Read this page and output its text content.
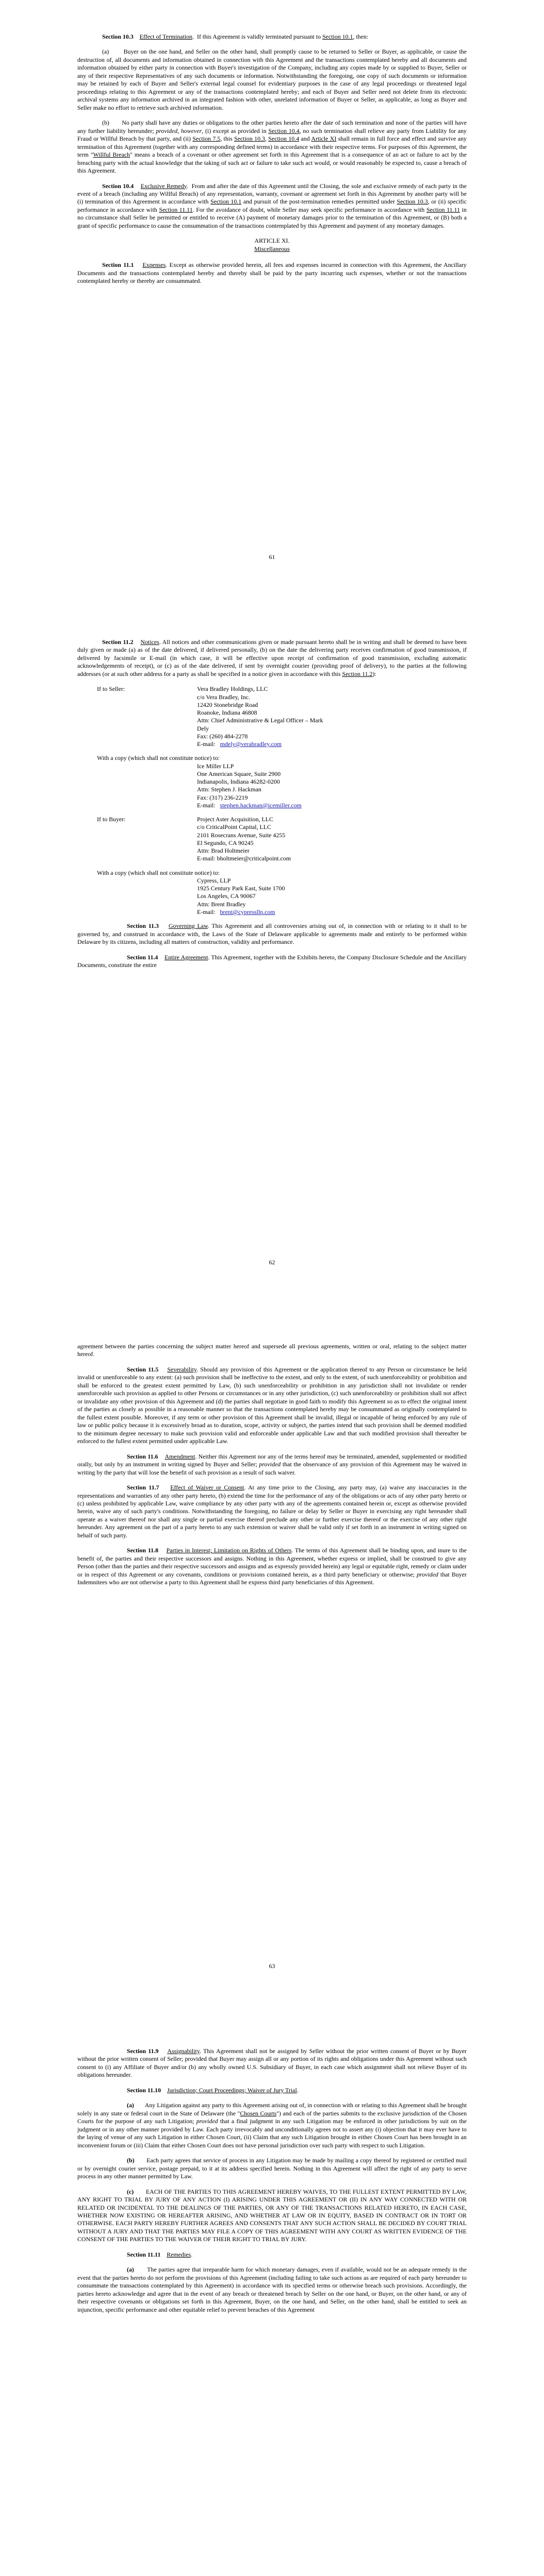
Section 10.3 Effect of Termination.  If this Agreement is validly terminated pursuant to Section 10.1, then:

(a) Buyer on the one hand, and Seller on the other hand, shall promptly cause to be returned to Seller or Buyer, as applicable, or cause the destruction of, all documents and information obtained in connection with this Agreement and the transactions contemplated hereby and all documents and information obtained by either party in connection with Buyer's investigation of the Company, including any copies made by or supplied to Buyer, Seller or any of their respective Representatives of any such documents or information. Notwithstanding the foregoing, one copy of such documents or information may be retained by each of Buyer and Seller's external legal counsel for evidentiary purposes in the case of any legal proceedings or threatened legal proceedings relating to this Agreement or any of the transactions contemplated hereby; and each of Buyer and Seller need not delete from its electronic archival systems any information archived in an integrated fashion with other, unrelated information of Buyer or Seller, as applicable, as long as Buyer and Seller make no effort to retrieve such archived information.

(b) No party shall have any duties or obligations to the other parties hereto after the date of such termination and none of the parties will have any further liability hereunder; provided, however, (i) except as provided in Section 10.4, no such termination shall relieve any party from Liability for any Fraud or Willful Breach by that party, and (ii) Section 7.5, this Section 10.3, Section 10.4 and Article XI shall remain in full force and effect and survive any termination of this Agreement (together with any corresponding defined terms) in accordance with their respective terms. For purposes of this Agreement, the term "Willful Breach" means a breach of a covenant or other agreement set forth in this Agreement that is a consequence of an act or failure to act by the breaching party with the actual knowledge that the taking of such act or failure to take such act would, or would reasonably be expected to, cause a breach of this Agreement.

Section 10.4 Exclusive Remedy.  From and after the date of this Agreement until the Closing, the sole and exclusive remedy of each party in the event of a breach (including any Willful Breach) of any representation, warranty, covenant or agreement set forth in this Agreement by another party will be (i) termination of this Agreement in accordance with Section 10.1 and pursuit of the post-termination remedies permitted under Section 10.3, or (ii) specific performance in accordance with Section 11.11. For the avoidance of doubt, while Seller may seek specific performance in accordance with Section 11.11 in no circumstance shall Seller be permitted or entitled to receive (A) payment of monetary damages prior to the termination of this Agreement, or (B) both a grant of specific performance to cause the consummation of the transactions contemplated by this Agreement and payment of any monetary damages.

ARTICLE XI.

Miscellaneous

Section 11.1 Expenses. Except as otherwise provided herein, all fees and expenses incurred in connection with this Agreement, the Ancillary Documents and the transactions contemplated hereby and thereby shall be paid by the party incurring such expenses, whether or not the transactions contemplated hereby or thereby are consummated.

61

Section 11.2 Notices. All notices and other communications given or made pursuant hereto shall be in writing and shall be deemed to have been duly given or made (a) as of the date delivered, if delivered personally, (b) on the date the delivering party receives confirmation of good transmission, if delivered by facsimile or E-mail (in which case, it will be effective upon receipt of confirmation of good transmission, excluding automatic acknowledgements of receipt), or (c) as of the date delivered, if sent by overnight courier (providing proof of delivery), to the parties at the following addresses (or at such other address for a party as shall be specified in a notice given in accordance with this Section 11.2):

If to Seller:	Vera Bradley Holdings, LLC
c/o Vera Bradley, Inc.
12420 Stonebridge Road
Roanoke, Indiana 46808
Attn: Chief Administrative & Legal Officer – Mark
Dely
Fax: (260) 484-2278
E-mail: mdely@verabradley.com
With a copy (which shall not constitute notice) to:
Ice Miller LLP
One American Square, Suite 2900
Indianapolis, Indiana 46282-0200
Attn: Stephen J. Hackman
Fax: (317) 236-2219
E-mail: stephen.hackman@icemiller.com
If to Buyer:	Project Aster Acquisition, LLC
c/o CriticalPoint Capital, LLC
2101 Rosecrans Avenue, Suite 4255
El Segundo, CA 90245
Attn: Brad Holtmeier
E-mail: bholtmeier@criticalpoint.com
With a copy (which shall not constitute notice) to:
Cypress, LLP
1925 Century Park East, Suite 1700
Los Angeles, CA 90067
Attn: Brent Bradley
E-mail: brent@cypressllp.com

Section 11.3 Governing Law. This Agreement and all controversies arising out of, in connection with or relating to it shall to be governed by, and construed in accordance with, the Laws of the State of Delaware applicable to agreements made and entirely to be performed within Delaware by its citizens, including all matters of construction, validity and performance.

Section 11.4 Entire Agreement. This Agreement, together with the Exhibits hereto, the Company Disclosure Schedule and the Ancillary Documents, constitute the entire

62

agreement between the parties concerning the subject matter hereof and supersede all previous agreements, written or oral, relating to the subject matter hereof.

Section 11.5 Severability. Should any provision of this Agreement or the application thereof to any Person or circumstance be held invalid or unenforceable to any extent: (a) such provision shall be ineffective to the extent, and only to the extent, of such unenforceability or prohibition and shall be enforced to the greatest extent permitted by Law, (b) such unenforceability or prohibition in any jurisdiction shall not invalidate or render unenforceable such provision as applied to other Persons or circumstances or in any other jurisdiction, (c) such unenforceability or prohibition shall not affect or invalidate any other provision of this Agreement and (d) the parties shall negotiate in good faith to modify this Agreement so as to effect the original intent of the parties as closely as possible in a reasonable manner so that the transactions contemplated hereby may be consummated as originally contemplated to the fullest extent possible. Moreover, if any term or other provision of this Agreement shall be invalid, illegal or incapable of being enforced by any rule of law or public policy because it is excessively broad as to duration, scope, activity or subject, the parties intend that such provision shall be deemed modified to the minimum degree necessary to make such provision valid and enforceable under applicable Law and that such modified provision shall thereafter be enforced to the fullest extent permitted under applicable Law.

Section 11.6 Amendment. Neither this Agreement nor any of the terms hereof may be terminated, amended, supplemented or modified orally, but only by an instrument in writing signed by Buyer and Seller; provided that the observance of any provision of this Agreement may be waived in writing by the party that will lose the benefit of such provision as a result of such waiver.

Section 11.7 Effect of Waiver or Consent. At any time prior to the Closing, any party may, (a) waive any inaccuracies in the representations and warranties of any other party hereto, (b) extend the time for the performance of any of the obligations or acts of any other party hereto or (c) unless prohibited by applicable Law, waive compliance by any other party with any of the agreements contained herein or, except as otherwise provided herein, waive any of such party's conditions. Notwithstanding the foregoing, no failure or delay by Seller or Buyer in exercising any right hereunder shall operate as a waiver thereof nor shall any single or partial exercise thereof preclude any other or further exercise thereof or the exercise of any other right hereunder. Any agreement on the part of a party hereto to any such extension or waiver shall be valid only if set forth in an instrument in writing signed on behalf of such party.

Section 11.8 Parties in Interest; Limitation on Rights of Others. The terms of this Agreement shall be binding upon, and inure to the benefit of, the parties and their respective successors and assigns. Nothing in this Agreement, whether express or implied, shall be construed to give any Person (other than the parties and their respective successors and assigns and as expressly provided herein) any legal or equitable right, remedy or claim under or in respect of this Agreement or any covenants, conditions or provisions contained herein, as a third party beneficiary or otherwise; provided that Buyer Indemnitees who are not otherwise a party to this Agreement shall be express third party beneficiaries of this Agreement.

63

Section 11.9 Assignability. This Agreement shall not be assigned by Seller without the prior written consent of Buyer or by Buyer without the prior written consent of Seller; provided that Buyer may assign all or any portion of its rights and obligations under this Agreement without such consent to (i) any Affiliate of Buyer and/or (b) any wholly owned U.S. Subsidiary of Buyer, in each case which assignment shall not relieve Buyer of its obligations hereunder.

Section 11.10 Jurisdiction; Court Proceedings; Waiver of Jury Trial.

(a) Any Litigation against any party to this Agreement arising out of, in connection with or relating to this Agreement shall be brought solely in any state or federal court in the State of Delaware (the "Chosen Courts") and each of the parties submits to the exclusive jurisdiction of the Chosen Courts for the purpose of any such Litigation; provided that a final judgment in any such Litigation may be enforced in other jurisdictions by suit on the judgment or in any other manner provided by Law. Each party irrevocably and unconditionally agrees not to assert any (i) objection that it may ever have to the laying of venue of any such Litigation in either Chosen Court, (ii) Claim that any such Litigation brought in either Chosen Court has been brought in an inconvenient forum or (iii) Claim that either Chosen Court does not have personal jurisdiction over such party with respect to such Litigation.

(b) Each party agrees that service of process in any Litigation may be made by mailing a copy thereof by registered or certified mail or by overnight courier service, postage prepaid, to it at its address specified herein. Nothing in this Agreement will affect the right of any party to serve process in any other manner permitted by Law.

(c) EACH OF THE PARTIES TO THIS AGREEMENT HEREBY WAIVES, TO THE FULLEST EXTENT PERMITTED BY LAW, ANY RIGHT TO TRIAL BY JURY OF ANY ACTION (I) ARISING UNDER THIS AGREEMENT OR (II) IN ANY WAY CONNECTED WITH OR RELATED OR INCIDENTAL TO THE DEALINGS OF THE PARTIES, OR ANY OF THE TRANSACTIONS RELATED HERETO, IN EACH CASE, WHETHER NOW EXISTING OR HEREAFTER ARISING, AND WHETHER AT LAW OR IN EQUITY, BASED IN CONTRACT OR IN TORT OR OTHERWISE. EACH PARTY HEREBY FURTHER AGREES AND CONSENTS THAT ANY SUCH ACTION SHALL BE DECIDED BY COURT TRIAL WITHOUT A JURY AND THAT THE PARTIES MAY FILE A COPY OF THIS AGREEMENT WITH ANY COURT AS WRITTEN EVIDENCE OF THE CONSENT OF THE PARTIES TO THE WAIVER OF THEIR RIGHT TO TRIAL BY JURY.

Section 11.11 Remedies.

(a) The parties agree that irreparable harm for which monetary damages, even if available, would not be an adequate remedy in the event that the parties hereto do not perform the provisions of this Agreement (including failing to take such actions as are required of each party hereunder to consummate the transactions contemplated by this Agreement) in accordance with its specified terms or otherwise breach such provisions. Accordingly, the parties hereto acknowledge and agree that in the event of any breach or threatened breach by Seller on the one hand, or Buyer, on the other hand, or any of their respective covenants or obligations set forth in this Agreement, Buyer, on the one hand, and Seller, on the other hand, shall be entitled to seek an injunction, specific performance and other equitable relief to prevent breaches of this Agreement
